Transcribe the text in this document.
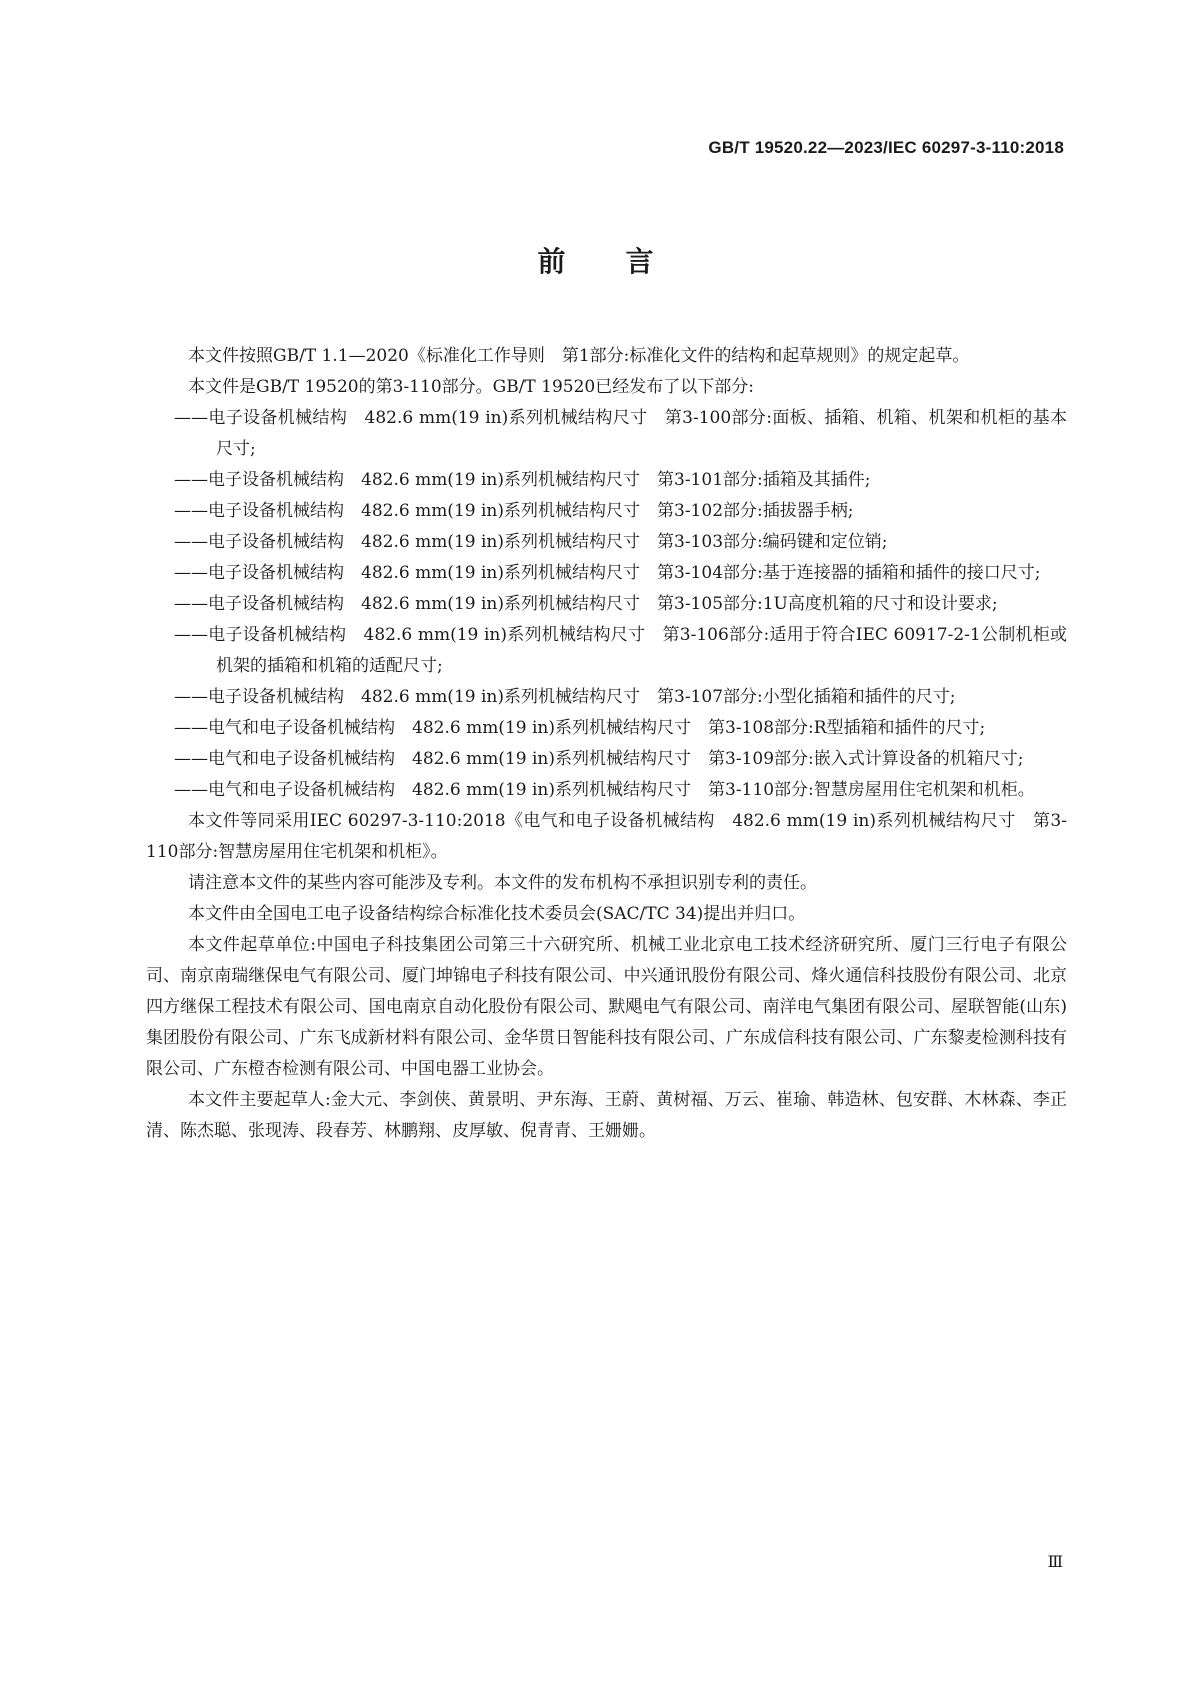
GB/T 19520.22—2023/IEC 60297-3-110:2018
前言

本文件按照GB/T 1.1—2020《标准化工作导则　第1部分:标准化文件的结构和起草规则》的规定起草。

本文件是GB/T 19520的第3-110部分。GB/T 19520已经发布了以下部分:

——电子设备机械结构　482.6 mm(19 in)系列机械结构尺寸　第3-100部分:面板、插箱、机箱、机架和机柜的基本尺寸;

——电子设备机械结构　482.6 mm(19 in)系列机械结构尺寸　第3-101部分:插箱及其插件;

——电子设备机械结构　482.6 mm(19 in)系列机械结构尺寸　第3-102部分:插拔器手柄;

——电子设备机械结构　482.6 mm(19 in)系列机械结构尺寸　第3-103部分:编码键和定位销;

——电子设备机械结构　482.6 mm(19 in)系列机械结构尺寸　第3-104部分:基于连接器的插箱和插件的接口尺寸;

——电子设备机械结构　482.6 mm(19 in)系列机械结构尺寸　第3-105部分:1U高度机箱的尺寸和设计要求;

——电子设备机械结构　482.6 mm(19 in)系列机械结构尺寸　第3-106部分:适用于符合IEC 60917-2-1公制机柜或机架的插箱和机箱的适配尺寸;

——电子设备机械结构　482.6 mm(19 in)系列机械结构尺寸　第3-107部分:小型化插箱和插件的尺寸;

——电气和电子设备机械结构　482.6 mm(19 in)系列机械结构尺寸　第3-108部分:R型插箱和插件的尺寸;

——电气和电子设备机械结构　482.6 mm(19 in)系列机械结构尺寸　第3-109部分:嵌入式计算设备的机箱尺寸;

——电气和电子设备机械结构　482.6 mm(19 in)系列机械结构尺寸　第3-110部分:智慧房屋用住宅机架和机柜。

本文件等同采用IEC 60297-3-110:2018《电气和电子设备机械结构　482.6 mm(19 in)系列机械结构尺寸　第3-110部分:智慧房屋用住宅机架和机柜》。

请注意本文件的某些内容可能涉及专利。本文件的发布机构不承担识别专利的责任。

本文件由全国电工电子设备结构综合标准化技术委员会(SAC/TC 34)提出并归口。

本文件起草单位:中国电子科技集团公司第三十六研究所、机械工业北京电工技术经济研究所、厦门三行电子有限公司、南京南瑞继保电气有限公司、厦门坤锦电子科技有限公司、中兴通讯股份有限公司、烽火通信科技股份有限公司、北京四方继保工程技术有限公司、国电南京自动化股份有限公司、默飓电气有限公司、南洋电气集团有限公司、屋联智能(山东)集团股份有限公司、广东飞成新材料有限公司、金华贯日智能科技有限公司、广东成信科技有限公司、广东黎麦检测科技有限公司、广东橙杏检测有限公司、中国电器工业协会。

本文件主要起草人:金大元、李剑侠、黄景明、尹东海、王蔚、黄树福、万云、崔瑜、韩造林、包安群、木林森、李正清、陈杰聪、张现涛、段春芳、林鹏翔、皮厚敏、倪青青、王姗姗。

Ⅲ
